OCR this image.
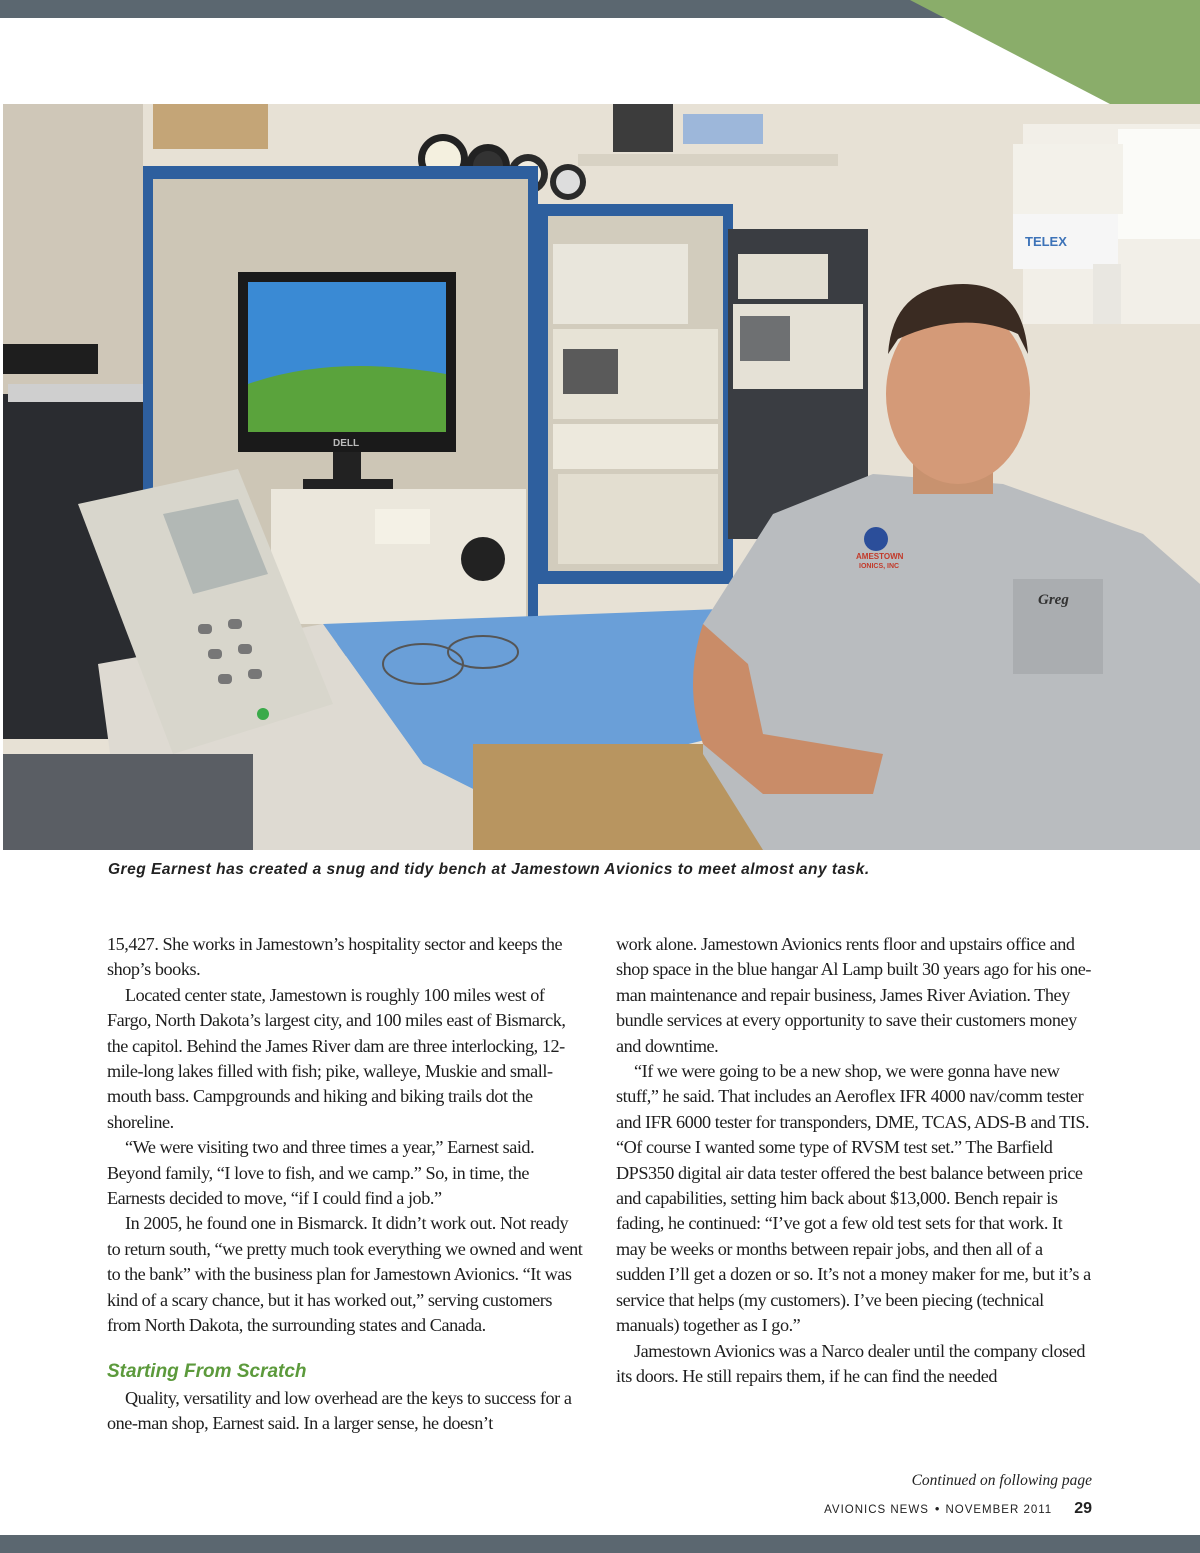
TELEX
DELL
Greg
AMESTOWN
IONICS, INC
Greg Earnest has created a snug and tidy bench at Jamestown Avionics to meet almost any task.

15,427. She works in Jamestown’s hospitality sector and keeps the shop’s books.

Located center state, Jamestown is roughly 100 miles west of Fargo, North Dakota’s largest city, and 100 miles east of Bismarck, the capitol. Behind the James River dam are three interlocking, 12-mile-long lakes filled with fish; pike, walleye, Muskie and small-mouth bass. Campgrounds and hiking and biking trails dot the shoreline.

“We were visiting two and three times a year,” Earnest said. Beyond family, “I love to fish, and we camp.” So, in time, the Earnests decided to move, “if I could find a job.”

In 2005, he found one in Bismarck. It didn’t work out. Not ready to return south, “we pretty much took everything we owned and went to the bank” with the business plan for Jamestown Avionics. “It was kind of a scary chance, but it has worked out,” serving customers from North Dakota, the surrounding states and Canada.

Starting From Scratch

Quality, versatility and low overhead are the keys to success for a one-man shop, Earnest said. In a larger sense, he doesn’t

work alone. Jamestown Avionics rents floor and upstairs office and shop space in the blue hangar Al Lamp built 30 years ago for his one-man maintenance and repair business, James River Aviation. They bundle services at every opportunity to save their customers money and downtime.

“If we were going to be a new shop, we were gonna have new stuff,” he said. That includes an Aeroflex IFR 4000 nav/comm tester and IFR 6000 tester for transponders, DME, TCAS, ADS-B and TIS. “Of course I wanted some type of RVSM test set.” The Barfield DPS350 digital air data tester offered the best balance between price and capabilities, setting him back about $13,000. Bench repair is fading, he continued: “I’ve got a few old test sets for that work. It may be weeks or months between repair jobs, and then all of a sudden I’ll get a dozen or so. It’s not a money maker for me, but it’s a service that helps (my customers). I’ve been piecing (technical manuals) together as I go.”

Jamestown Avionics was a Narco dealer until the company closed its doors. He still repairs them, if he can find the needed

Continued on following page
AVIONICS NEWS • NOVEMBER 2011 29
